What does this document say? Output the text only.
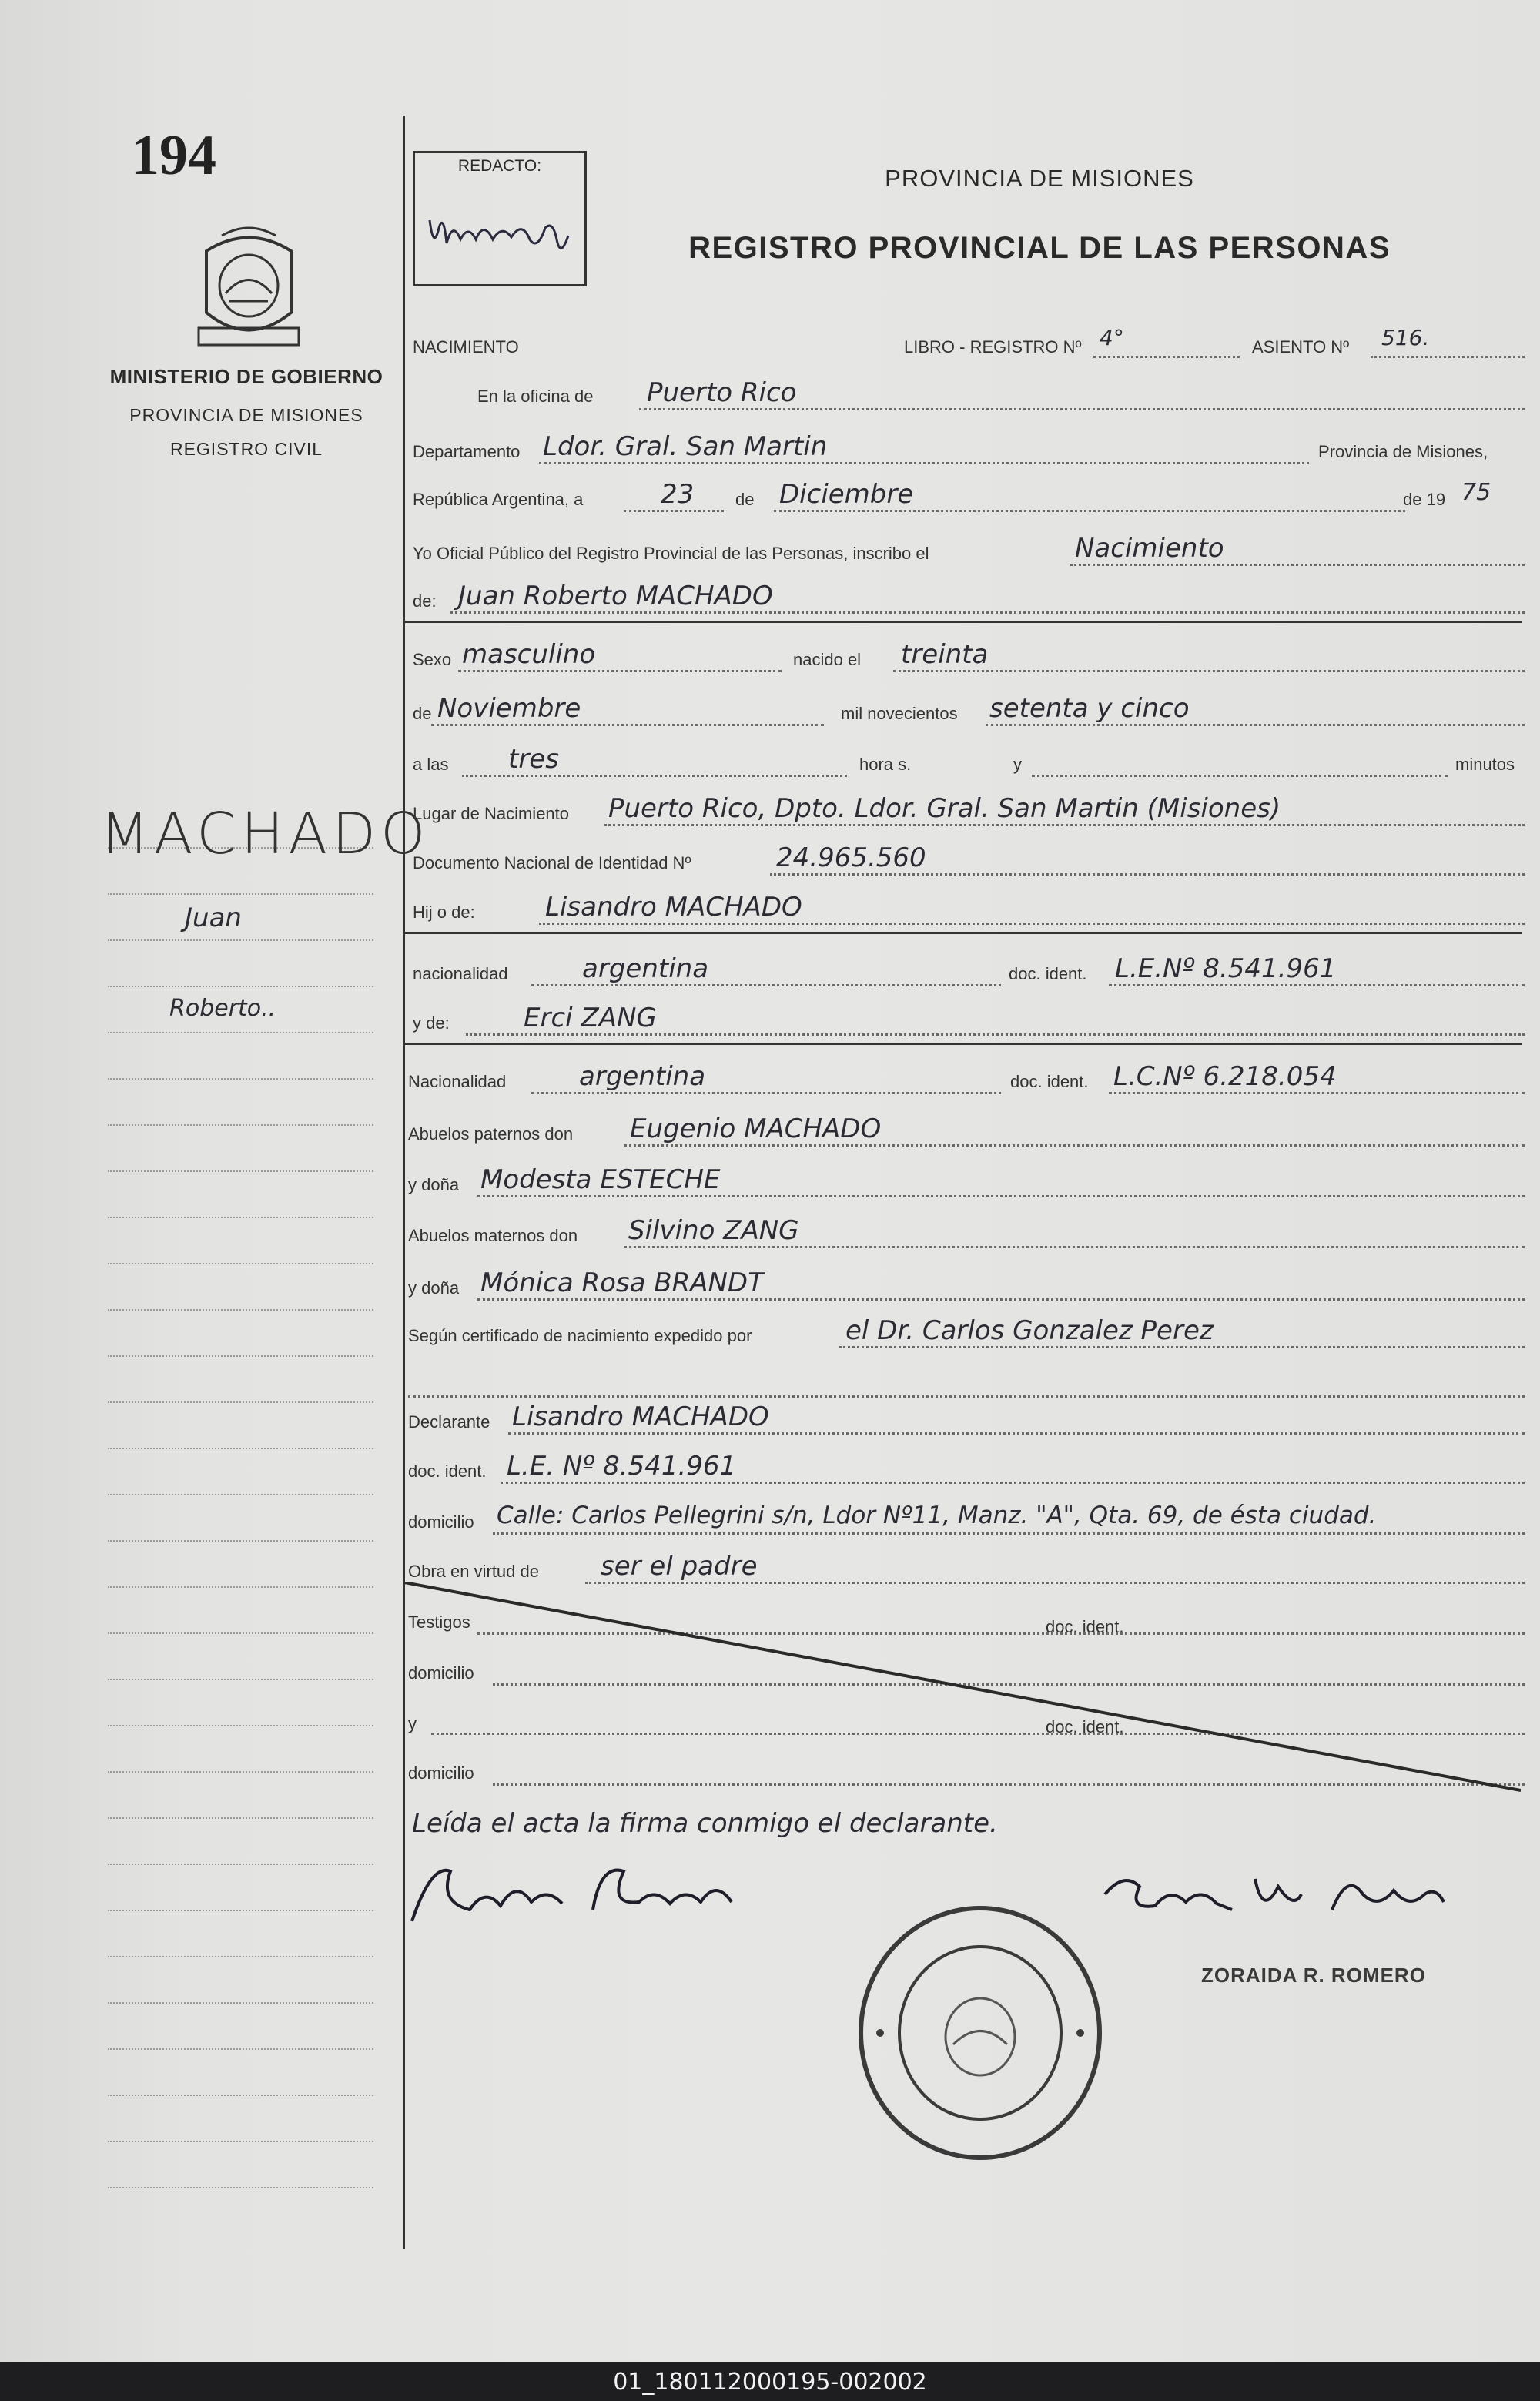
194
MINISTERIO DE GOBIERNO
PROVINCIA DE MISIONES
REGISTRO CIVIL
MACHADO
Juan
Roberto..
REDACTO:	PROVINCIA DE MISIONES
REGISTRO PROVINCIAL DE LAS PERSONAS
NACIMIENTO	LIBRO - REGISTRO Nº 4°	ASIENTO Nº 516.
En la oficina de Puerto Rico
Departamento Ldor. Gral. San Martin	Provincia de Misiones,
República Argentina, a	23 de Diciembre	de 19 75
Yo Oficial Público del Registro Provincial de las Personas, inscribo el	Nacimiento
de: Juan Roberto MACHADO
Sexo masculino	nacido el treinta
de Noviembre	mil novecientos setenta y cinco
a las tres	hora s.	y	minutos
Lugar de Nacimiento Puerto Rico, Dpto. Ldor. Gral. San Martin (Misiones)
Documento Nacional de Identidad Nº	24.965.560
Hij o de:	Lisandro MACHADO
nacionalidad	argentina	doc. ident. L.E.Nº 8.541.961
y de:	Erci ZANG
Nacionalidad	argentina	doc. ident. L.C.Nº 6.218.054
Abuelos paternos don Eugenio MACHADO
y doña Modesta ESTECHE
Abuelos maternos don Silvino ZANG
y doña Mónica Rosa BRANDT
Según certificado de nacimiento expedido por	el Dr. Carlos Gonzalez Perez
Declarante Lisandro MACHADO
doc. ident. L.E. Nº 8.541.961
domicilio Calle: Carlos Pellegrini s/n, Ldor Nº11, Manz. "A", Qta. 69, de ésta ciudad.
Obra en virtud de ser el padre
Testigos	doc. ident.
domicilio
y	doc. ident.
domicilio
Leída el acta la firma conmigo el declarante.
ZORAIDA R. ROMERO
01_180112000195-002002
